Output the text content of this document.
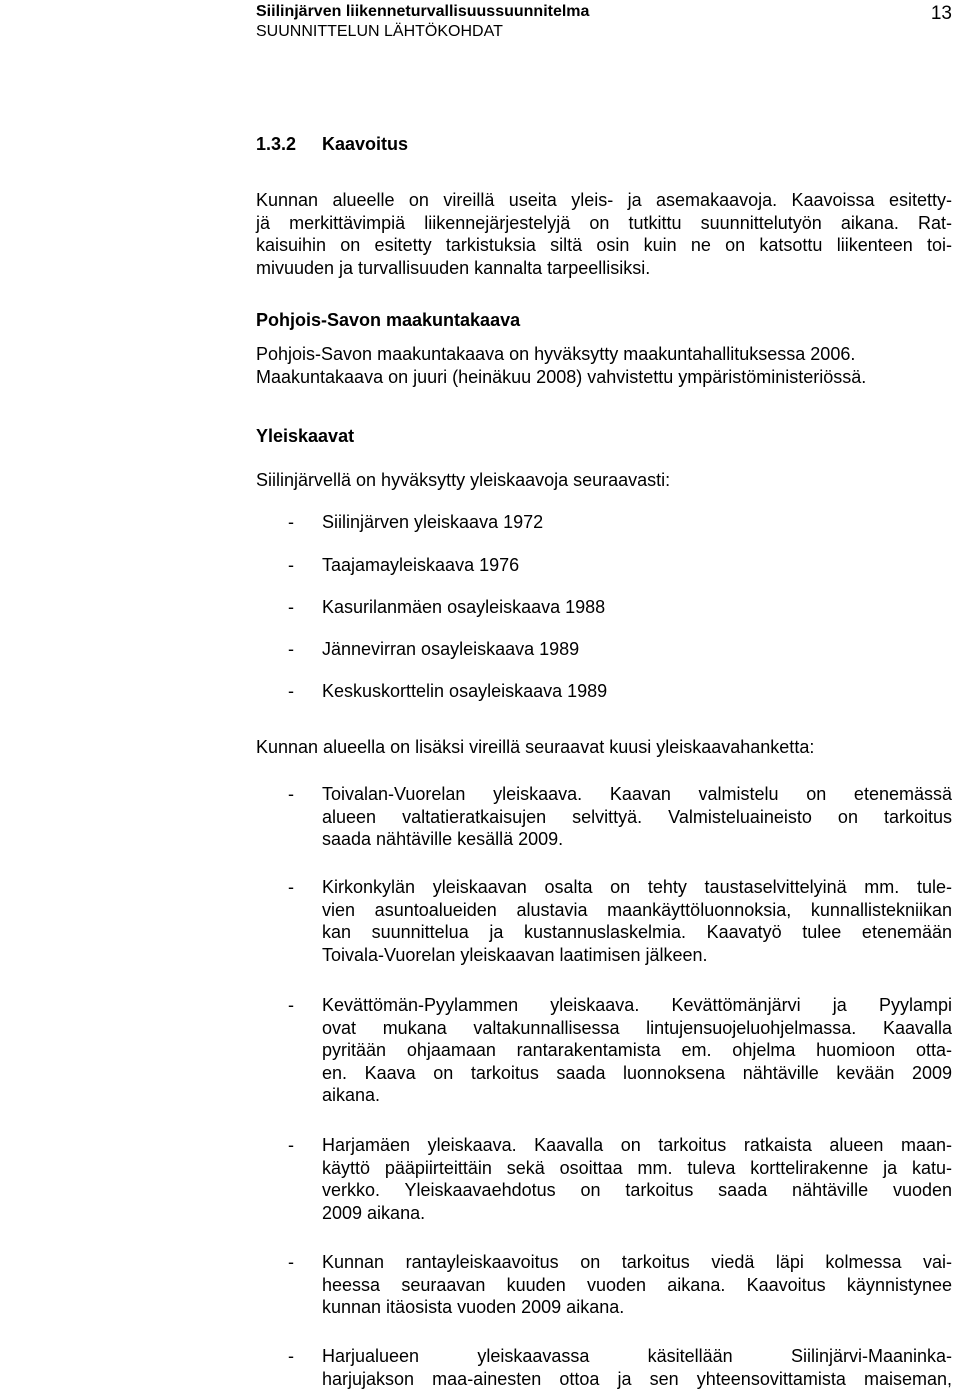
Siilinjärven liikenneturvallisuussuunnitelma
SUUNNITTELUN LÄHTÖKOHDAT
13
1.3.2 Kaavoitus
Kunnan alueelle on vireillä useita yleis- ja asemakaavoja. Kaavoissa esitetty-
jä merkittävimpiä liikennejärjestelyjä on tutkittu suunnittelutyön aikana. Rat-
kaisuihin on esitetty tarkistuksia siltä osin kuin ne on katsottu liikenteen toi-
mivuuden ja turvallisuuden kannalta tarpeellisiksi.
Pohjois-Savon maakuntakaava
Pohjois-Savon maakuntakaava on hyväksytty maakuntahallituksessa 2006.
Maakuntakaava on juuri (heinäkuu 2008) vahvistettu ympäristöministeriössä.
Yleiskaavat
Siilinjärvellä on hyväksytty yleiskaavoja seuraavasti:
- Siilinjärven yleiskaava 1972
- Taajamayleiskaava 1976
- Kasurilanmäen osayleiskaava 1988
- Jännevirran osayleiskaava 1989
- Keskuskorttelin osayleiskaava 1989
Kunnan alueella on lisäksi vireillä seuraavat kuusi yleiskaavahanketta:
- Toivalan-Vuorelan yleiskaava. Kaavan valmistelu on etenemässä
alueen valtatieratkaisujen selvittyä. Valmisteluaineisto on tarkoitus
saada nähtäville kesällä 2009.
- Kirkonkylän yleiskaavan osalta on tehty taustaselvittelyinä mm. tule-
vien asuntoalueiden alustavia maankäyttöluonnoksia, kunnallistekniikan
kan suunnittelua ja kustannuslaskelmia. Kaavatyö tulee etenemään
Toivala-Vuorelan yleiskaavan laatimisen jälkeen.
- Kevättömän-Pyylammen yleiskaava. Kevättömänjärvi ja Pyylampi
ovat mukana valtakunnallisessa lintujensuojeluohjelmassa. Kaavalla
pyritään ohjaamaan rantarakentamista em. ohjelma huomioon otta-
en. Kaava on tarkoitus saada luonnoksena nähtäville kevään 2009
aikana.
- Harjamäen yleiskaava. Kaavalla on tarkoitus ratkaista alueen maan-
käyttö pääpiirteittäin sekä osoittaa mm. tuleva korttelirakenne ja katu-
verkko. Yleiskaavaehdotus on tarkoitus saada nähtäville vuoden
2009 aikana.
- Kunnan rantayleiskaavoitus on tarkoitus viedä läpi kolmessa vai-
heessa seuraavan kuuden vuoden aikana. Kaavoitus käynnistynee
kunnan itäosista vuoden 2009 aikana.
- Harjualueen yleiskaavassa käsitellään Siilinjärvi-Maaninka-
harjujakson maa-ainesten ottoa ja sen yhteensovittamista maiseman,
